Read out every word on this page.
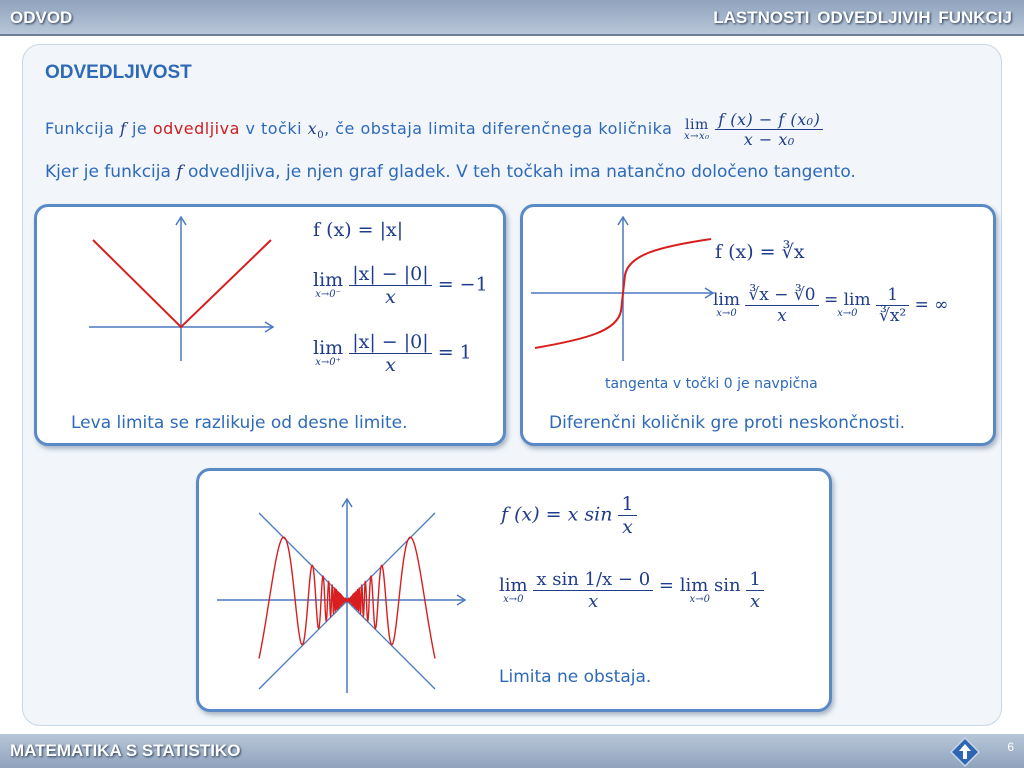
ODVOD	LASTNOSTI ODVEDLJIVIH FUNKCIJ
ODVEDLJIVOST
Funkcija f je odvedljiva v točki $x_0$, če obstaja limita diferenčnega količnika lim
x→x₀
$\frac{\text{f (x) − f (x₀)}}{\text{x − x₀}}$
Kjer je funkcija f odvedljiva, je njen graf gladek. V teh točkah ima natančno določeno tangento.
f (x) = |x|
lim
x→0⁻
$\frac{|x| - |0|}{x} = -1$
lim
x→0⁺
$\frac{|x| - |0|}{x} = 1$
Leva limita se razlikuje od desne limite.
f (x) = ∛x
lim
x→0
$\frac{∛x - ∛0}{x} = \lim$
x→0
	$\frac{1}{\text{∛x²}}$ = ∞
tangenta v točki 0 je navpična
Diferenčni količnik gre proti neskončnosti.
f (x) = x $\sin \frac{1}{x}$
lim
x→0
$\frac{\text{x sin 1/x − 0}}{x} = \lim \sin$
x→0
	$\frac{1}{x}$
Limita ne obstaja.
MATEMATIKA S STATISTIKO	6
